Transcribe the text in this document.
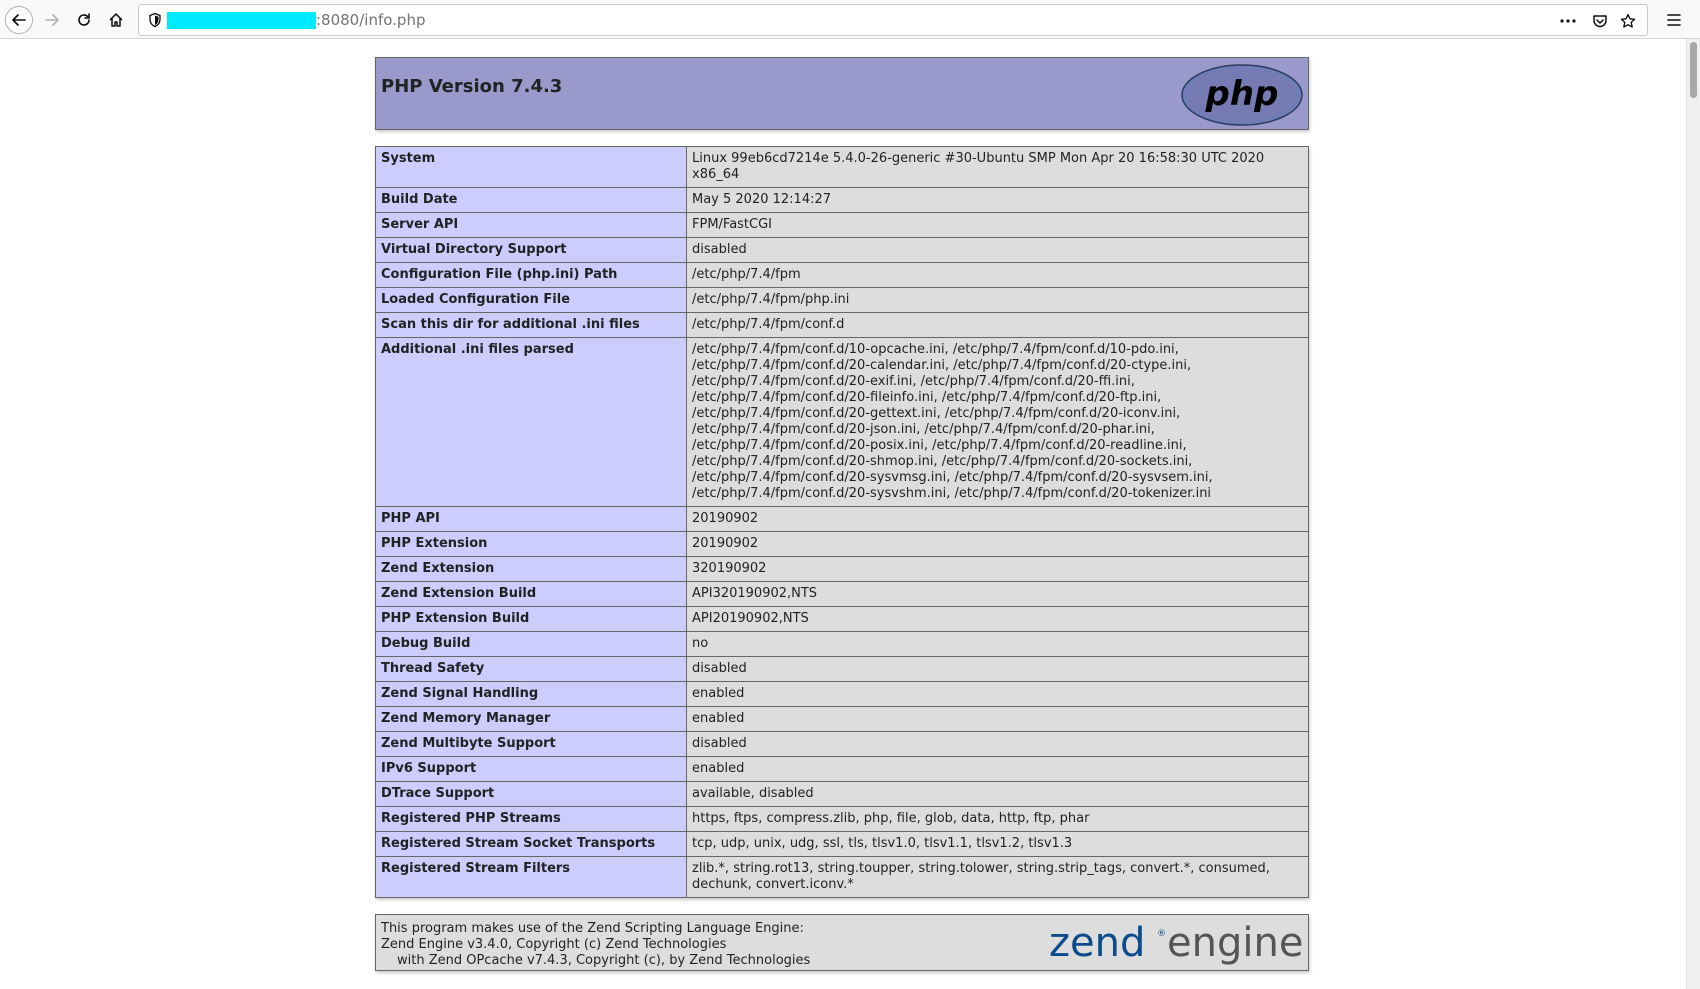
:8080/info.php
PHP Version 7.4.3	php
System	Linux 99eb6cd7214e 5.4.0-26-generic #30-Ubuntu SMP Mon Apr 20 16:58:30 UTC 2020 x86_64
Build Date	May 5 2020 12:14:27
Server API	FPM/FastCGI
Virtual Directory Support	disabled
Configuration File (php.ini) Path	/etc/php/7.4/fpm
Loaded Configuration File	/etc/php/7.4/fpm/php.ini
Scan this dir for additional .ini files	/etc/php/7.4/fpm/conf.d
Additional .ini files parsed	/etc/php/7.4/fpm/conf.d/10-opcache.ini, /etc/php/7.4/fpm/conf.d/10-pdo.ini, /etc/php/7.4/fpm/conf.d/20-calendar.ini, /etc/php/7.4/fpm/conf.d/20-ctype.ini, /etc/php/7.4/fpm/conf.d/20-exif.ini, /etc/php/7.4/fpm/conf.d/20-ffi.ini, /etc/php/7.4/fpm/conf.d/20-fileinfo.ini, /etc/php/7.4/fpm/conf.d/20-ftp.ini, /etc/php/7.4/fpm/conf.d/20-gettext.ini, /etc/php/7.4/fpm/conf.d/20-iconv.ini, /etc/php/7.4/fpm/conf.d/20-json.ini, /etc/php/7.4/fpm/conf.d/20-phar.ini, /etc/php/7.4/fpm/conf.d/20-posix.ini, /etc/php/7.4/fpm/conf.d/20-readline.ini, /etc/php/7.4/fpm/conf.d/20-shmop.ini, /etc/php/7.4/fpm/conf.d/20-sockets.ini, /etc/php/7.4/fpm/conf.d/20-sysvmsg.ini, /etc/php/7.4/fpm/conf.d/20-sysvsem.ini, /etc/php/7.4/fpm/conf.d/20-sysvshm.ini, /etc/php/7.4/fpm/conf.d/20-tokenizer.ini
PHP API	20190902
PHP Extension	20190902
Zend Extension	320190902
Zend Extension Build	API320190902,NTS
PHP Extension Build	API20190902,NTS
Debug Build	no
Thread Safety	disabled
Zend Signal Handling	enabled
Zend Memory Manager	enabled
Zend Multibyte Support	disabled
IPv6 Support	enabled
DTrace Support	available, disabled
Registered PHP Streams	https, ftps, compress.zlib, php, file, glob, data, http, ftp, phar
Registered Stream Socket Transports	tcp, udp, unix, udg, ssl, tls, tlsv1.0, tlsv1.1, tlsv1.2, tlsv1.3
Registered Stream Filters	zlib.*, string.rot13, string.toupper, string.tolower, string.strip_tags, convert.*, consumed, dechunk, convert.iconv.*
This program makes use of the Zend Scripting Language Engine:
Zend Engine v3.4.0, Copyright (c) Zend Technologies
with Zend OPcache v7.4.3, Copyright (c), by Zend Technologies	zend ® engine
